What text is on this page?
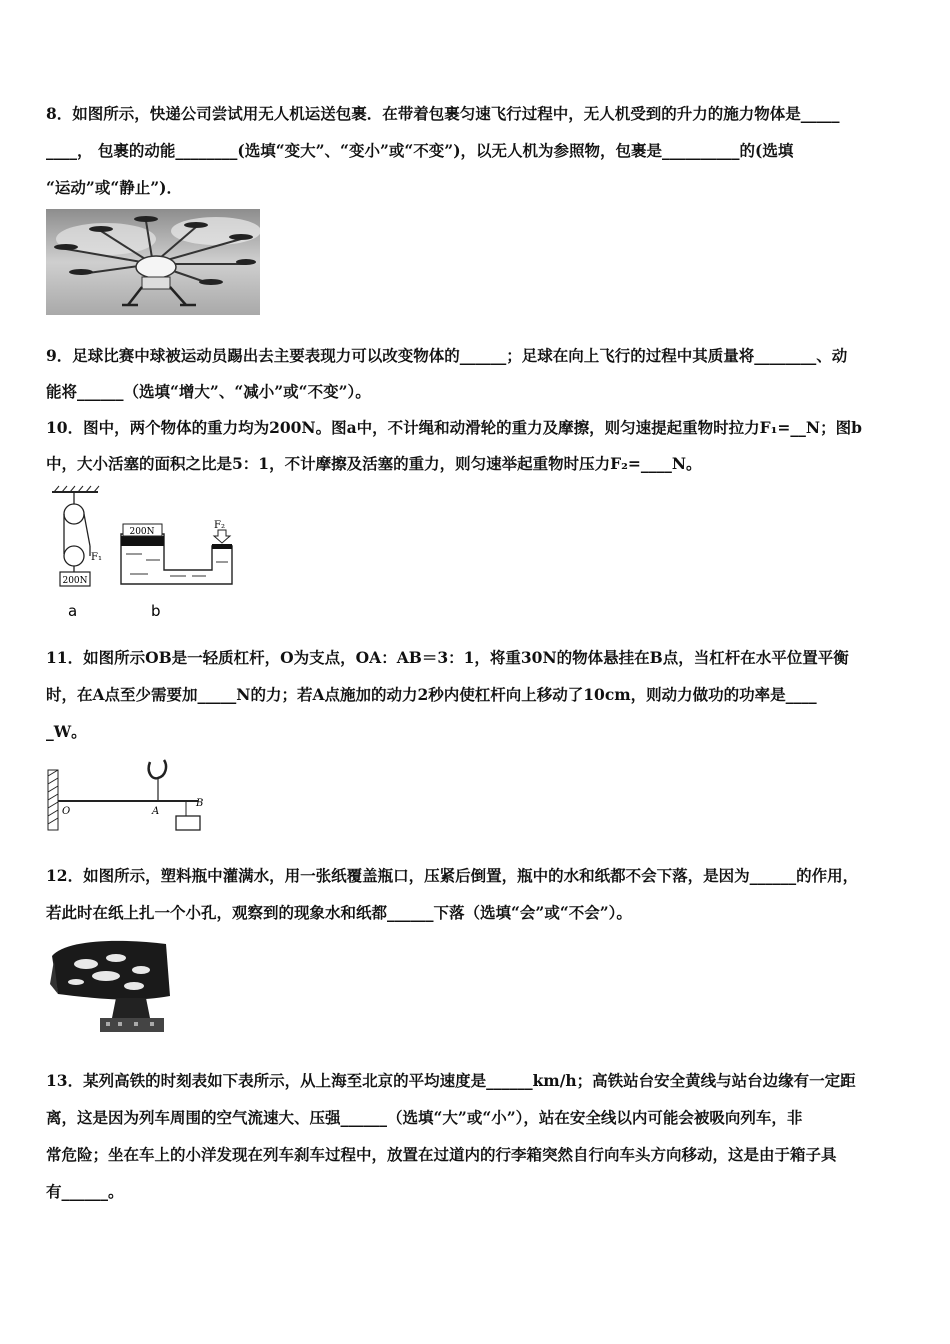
8．如图所示，快递公司尝试用无人机运送包裹．在带着包裹匀速飞行过程中，无人机受到的升力的施力物体是_____
____， 包裹的动能________(选填“变大”、“变小”或“不变”)，以无人机为参照物，包裹是__________的(选填
“运动”或“静止”)．
9．足球比赛中球被运动员踢出去主要表现力可以改变物体的______；足球在向上飞行的过程中其质量将________、动
能将______（选填“增大”、“减小”或“不变”）。
10．图中，两个物体的重力均为200N。图a中，不计绳和动滑轮的重力及摩擦，则匀速提起重物时拉力F₁=__N；图b
中，大小活塞的面积之比是5：1，不计摩擦及活塞的重力，则匀速举起重物时压力F₂=____N。
200N
F₁
a
200N
F₂
b
11．如图所示OB是一轻质杠杆，O为支点，OA：AB＝3：1，将重30N的物体悬挂在B点，当杠杆在水平位置平衡
时，在A点至少需要加_____N的力；若A点施加的动力2秒内使杠杆向上移动了10cm，则动力做功的功率是____
_W。
O	A
B
12．如图所示，塑料瓶中灌满水，用一张纸覆盖瓶口，压紧后倒置，瓶中的水和纸都不会下落，是因为______的作用，
若此时在纸上扎一个小孔，观察到的现象水和纸都______下落（选填“会”或“不会”）。
13．某列高铁的时刻表如下表所示，从上海至北京的平均速度是______km/h；高铁站台安全黄线与站台边缘有一定距
离，这是因为列车周围的空气流速大、压强______（选填“大”或“小”），站在安全线以内可能会被吸向列车，非
常危险；坐在车上的小洋发现在列车刹车过程中，放置在过道内的行李箱突然自行向车头方向移动，这是由于箱子具
有______。
